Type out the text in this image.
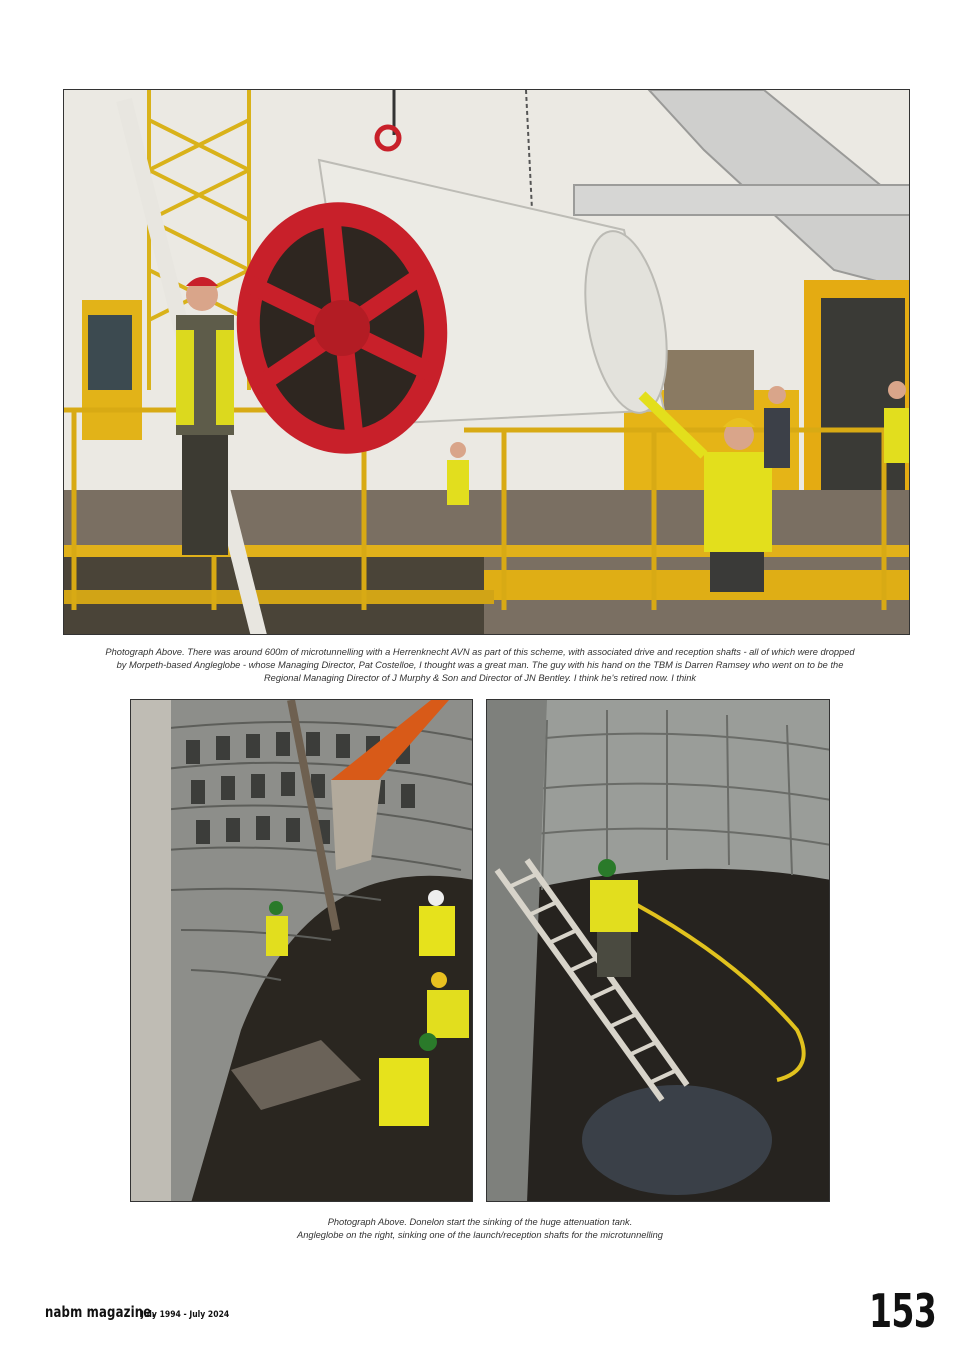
Photograph Above. There was around 600m of microtunnelling with a Herrenknecht AVN as part of this scheme, with associated drive and reception shafts - all of which were dropped
by Morpeth-based Angleglobe - whose Managing Director, Pat Costelloe, I thought was a great man. The guy with his hand on the TBM is Darren Ramsey who went on to be the
Regional Managing Director of J Murphy & Son and Director of JN Bentley. I think he's retired now. I think
Photograph Above. Donelon start the sinking of the huge attenuation tank.
Angleglobe on the right, sinking one of the launch/reception shafts for the microtunnelling
nabm magazine.
July 1994 - July 2024	153
